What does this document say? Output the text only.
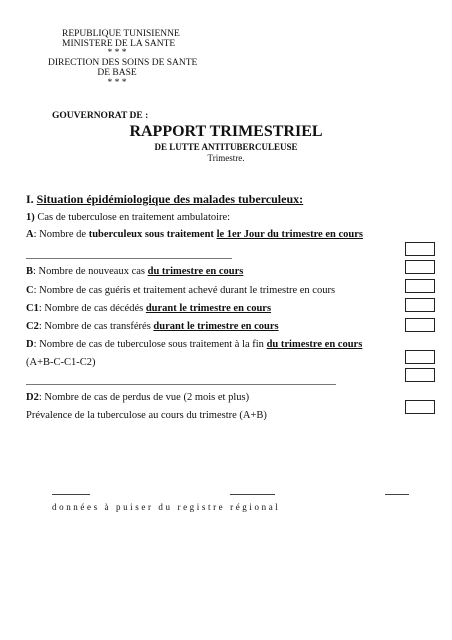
REPUBLIQUE TUNISIENNE
MINISTERE DE LA SANTE
* * *
DIRECTION DES SOINS DE SANTE
DE BASE
* * *
GOUVERNORAT DE :
RAPPORT TRIMESTRIEL
DE LUTTE ANTITUBERCULEUSE
Trimestre.
I. Situation épidémiologique des malades tuberculeux:
1) Cas de tuberculose en traitement ambulatoire:
A: Nombre de tuberculeux sous traitement le 1er Jour du trimestre en cours
B: Nombre de nouveaux cas du trimestre en cours
C: Nombre de cas guéris et traitement achevé durant le trimestre en cours
C1: Nombre de cas décédés durant le trimestre en cours
C2: Nombre de cas transférés durant le trimestre en cours
D: Nombre de cas de tuberculose sous traitement à la fin du trimestre en cours
(A+B-C-C1-C2)
D2: Nombre de cas de perdus de vue (2 mois et plus)
Prévalence de la tuberculose au cours du trimestre (A+B)
données à puiser du registre régional
